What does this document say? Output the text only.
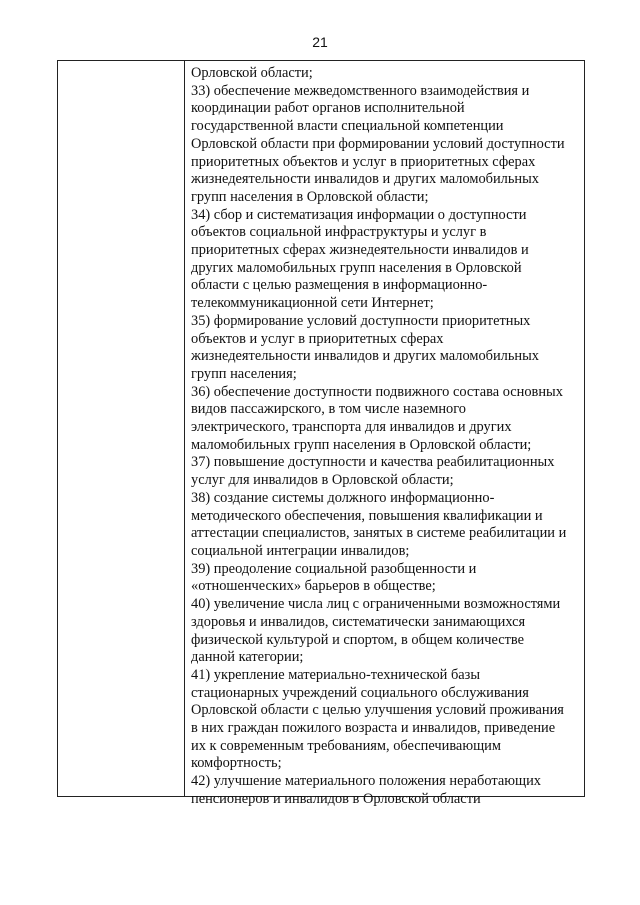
21
Орловской области;
33) обеспечение межведомственного взаимодействия и
координации работ органов исполнительной
государственной власти специальной компетенции
Орловской области при формировании условий доступности
приоритетных объектов и услуг в приоритетных сферах
жизнедеятельности инвалидов и других маломобильных
групп населения в Орловской области;
34) сбор и систематизация информации о доступности
объектов социальной инфраструктуры и услуг в
приоритетных сферах жизнедеятельности инвалидов и
других маломобильных групп населения в Орловской
области с целью размещения в информационно-
телекоммуникационной сети Интернет;
35) формирование условий доступности приоритетных
объектов и услуг в приоритетных сферах
жизнедеятельности инвалидов и других маломобильных
групп населения;
36) обеспечение доступности подвижного состава основных
видов пассажирского, в том числе наземного
электрического, транспорта для инвалидов и других
маломобильных групп населения в Орловской области;
37) повышение доступности и качества реабилитационных
услуг для инвалидов в Орловской области;
38) создание системы должного информационно-
методического обеспечения, повышения квалификации и
аттестации специалистов, занятых в системе реабилитации и
социальной интеграции инвалидов;
39) преодоление социальной разобщенности и
«отношенческих» барьеров в обществе;
40) увеличение числа лиц с ограниченными возможностями
здоровья и инвалидов, систематически занимающихся
физической культурой и спортом, в общем количестве
данной категории;
41) укрепление материально-технической базы
стационарных учреждений социального обслуживания
Орловской области с целью улучшения условий проживания
в них граждан пожилого возраста и инвалидов, приведение
их к современным требованиям, обеспечивающим
комфортность;
42) улучшение материального положения неработающих
пенсионеров и инвалидов в Орловской области
